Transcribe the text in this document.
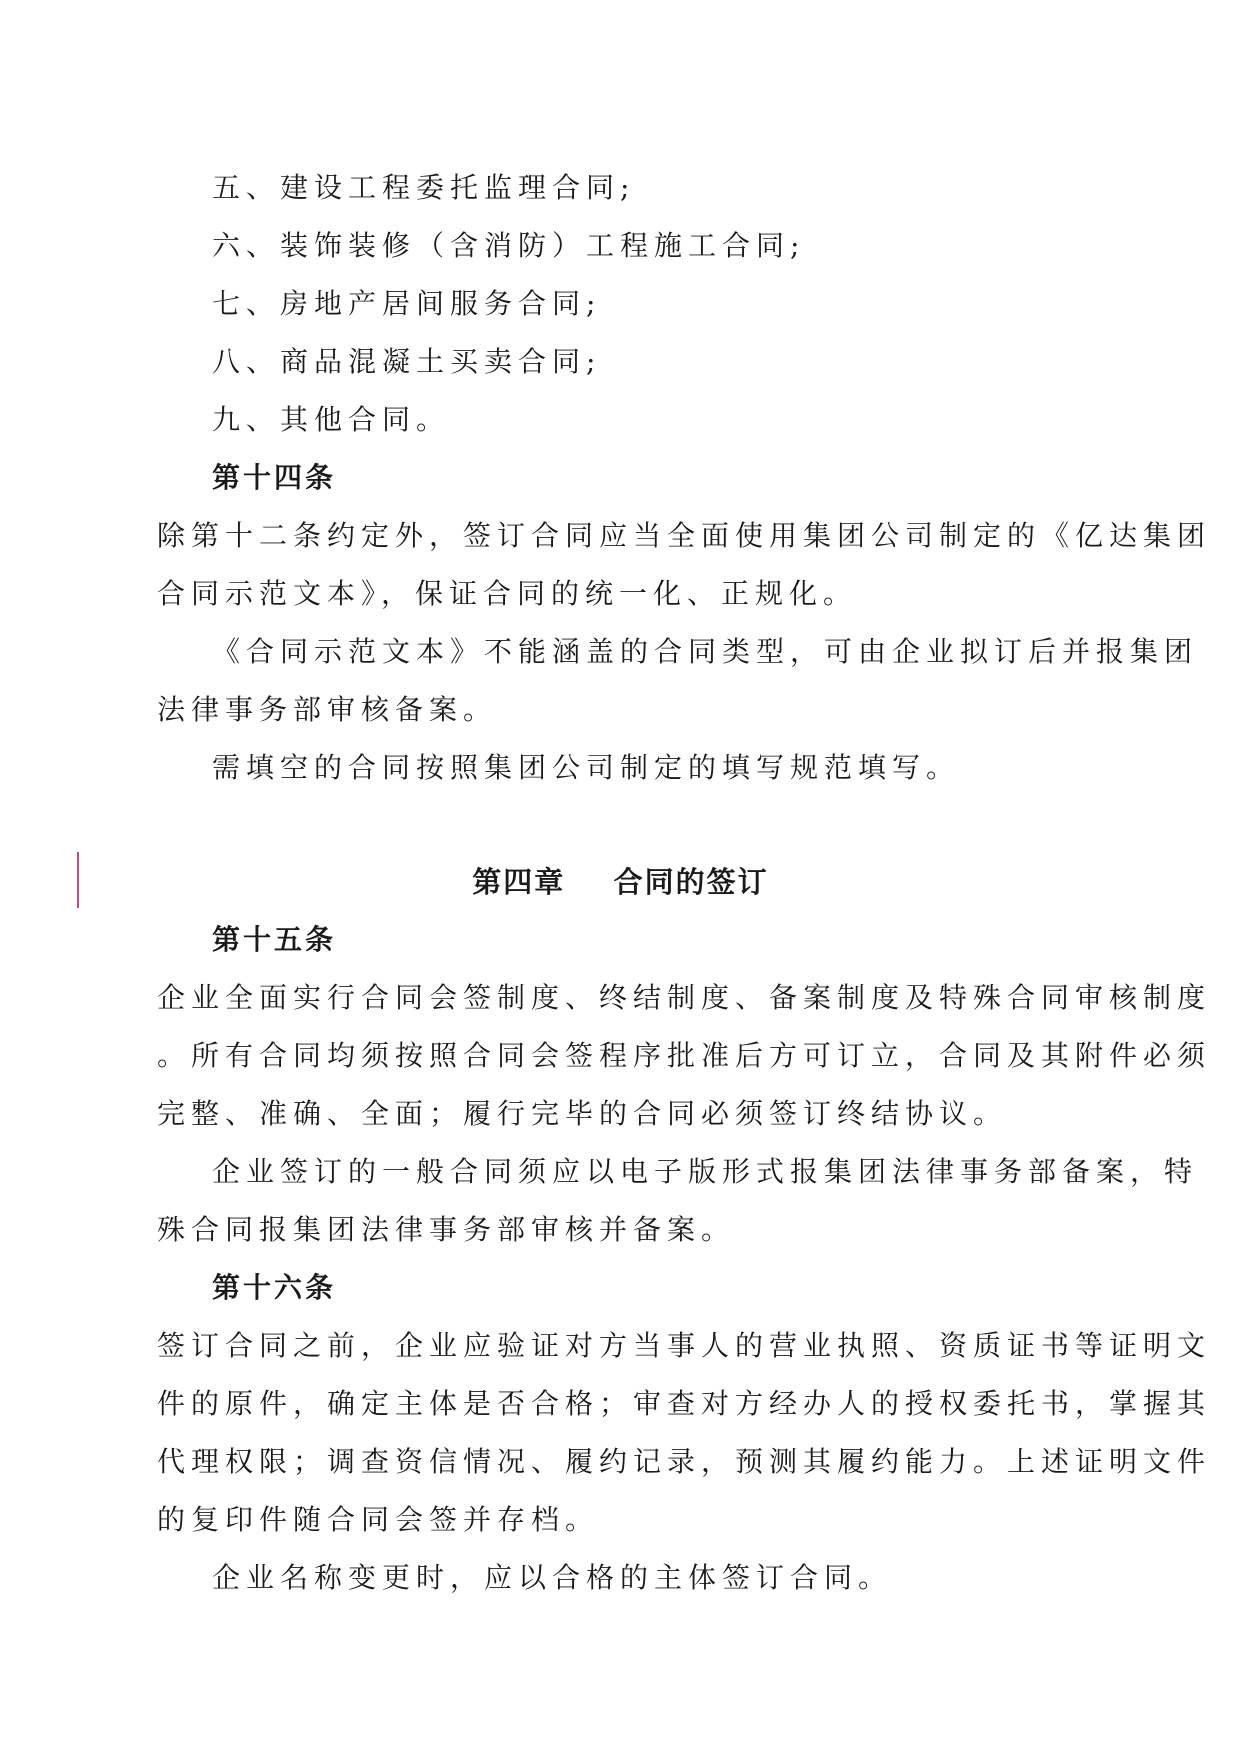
五、建设工程委托监理合同;
六、装饰装修（含消防）工程施工合同;
七、房地产居间服务合同;
八、商品混凝土买卖合同;
九、其他合同。
第十四条
除第十二条约定外，签订合同应当全面使用集团公司制定的《亿达集团
合同示范文本》，保证合同的统一化、正规化。
《合同示范文本》不能涵盖的合同类型，可由企业拟订后并报集团
法律事务部审核备案。
需填空的合同按照集团公司制定的填写规范填写。
第四章    合同的签订
第十五条
企业全面实行合同会签制度、终结制度、备案制度及特殊合同审核制度
。所有合同均须按照合同会签程序批准后方可订立，合同及其附件必须
完整、准确、全面；履行完毕的合同必须签订终结协议。
企业签订的一般合同须应以电子版形式报集团法律事务部备案，特
殊合同报集团法律事务部审核并备案。
第十六条
签订合同之前，企业应验证对方当事人的营业执照、资质证书等证明文
件的原件，确定主体是否合格；审查对方经办人的授权委托书，掌握其
代理权限；调查资信情况、履约记录，预测其履约能力。上述证明文件
的复印件随合同会签并存档。
企业名称变更时，应以合格的主体签订合同。
